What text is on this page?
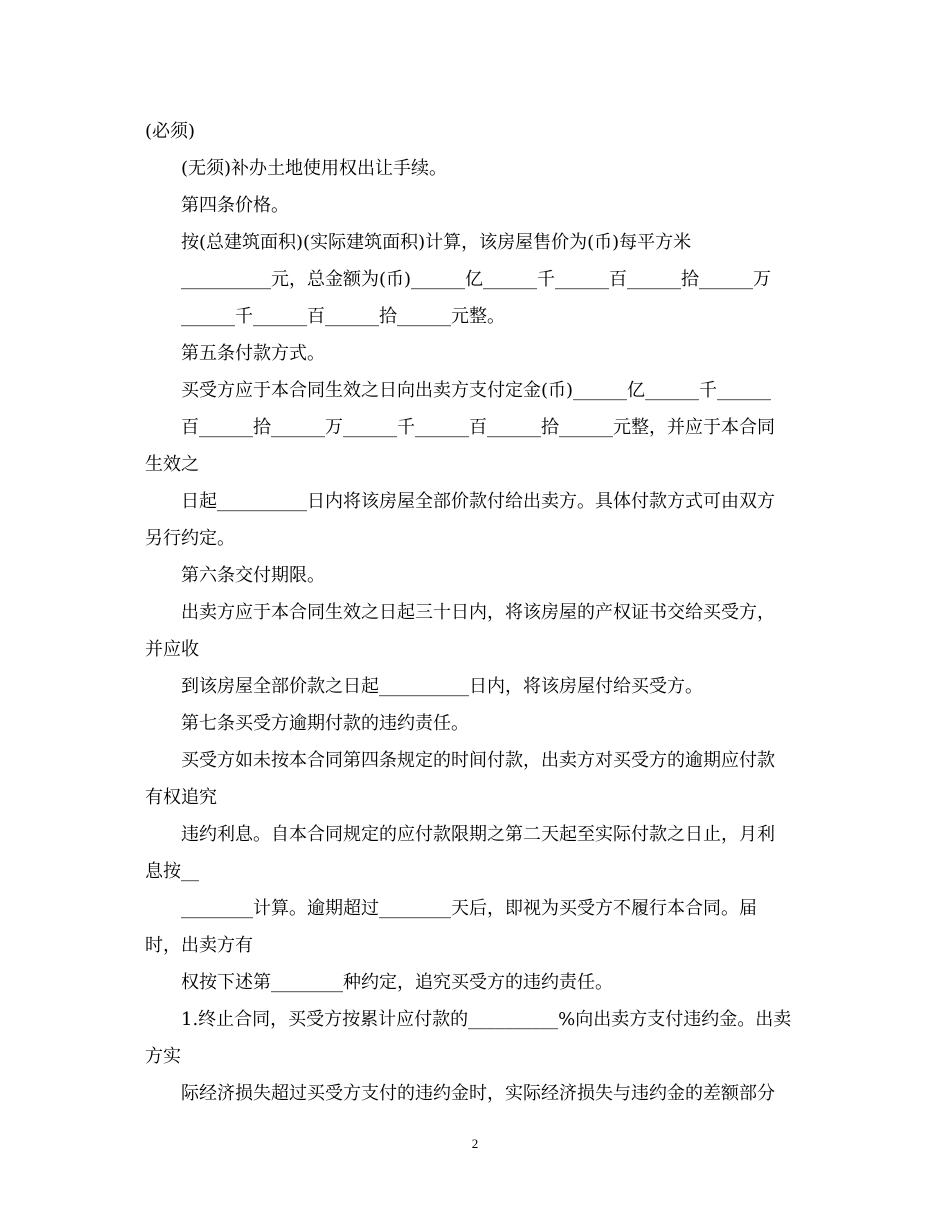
(必须)
(无须)补办土地使用权出让手续。
第四条价格。
按(总建筑面积)(实际建筑面积)计算，该房屋售价为(币)每平方米
__________元，总金额为(币)______亿______千______百______拾______万
______千______百______拾______元整。
第五条付款方式。
买受方应于本合同生效之日向出卖方支付定金(币)______亿______千______
百______拾______万______千______百______拾______元整，并应于本合同
生效之
日起__________日内将该房屋全部价款付给出卖方。具体付款方式可由双方
另行约定。
第六条交付期限。
出卖方应于本合同生效之日起三十日内，将该房屋的产权证书交给买受方，
并应收
到该房屋全部价款之日起__________日内，将该房屋付给买受方。
第七条买受方逾期付款的违约责任。
买受方如未按本合同第四条规定的时间付款，出卖方对买受方的逾期应付款
有权追究
违约利息。自本合同规定的应付款限期之第二天起至实际付款之日止，月利
息按__
________计算。逾期超过________天后，即视为买受方不履行本合同。届
时，出卖方有
权按下述第________种约定，追究买受方的违约责任。
1.终止合同，买受方按累计应付款的__________%向出卖方支付违约金。出卖
方实
际经济损失超过买受方支付的违约金时，实际经济损失与违约金的差额部分
2
